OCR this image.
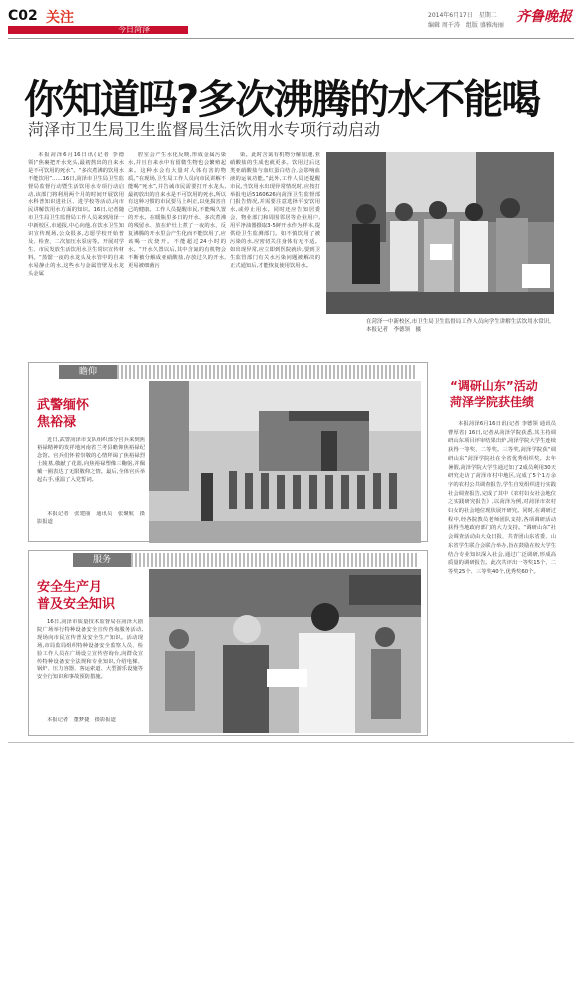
C02 关注
今日菏泽
2014年6月17日　星期二
编辑 周千涛　组版 盛雅海丽
齐鲁晚报
你知道吗?多次沸腾的水不能喝
菏泽市卫生局卫生监督局生活饮用水专项行动启动

本报菏泽6月16日讯(记者 李德领)“焦裹把开水充头,最初熬出的自来水是不可饮用的死水”。“多次煮沸的饮用水不能饮用”……16日,菏泽市卫生局卫生监督局监督行动暨生活饮用水专项行动启动,该部门将利用两个月的时间开展饮用水科普知识进社区、进学校等活动,向市民讲解饮用水方面的知识。16日,记者随市卫生局卫生监督局工作人员来到菏泽一中新校区,市通报,中心向他,在饮水卫生知识宣传现场,公众很多,志愿学校开始普及、检查、二次加压水泵房等。开展对学生、市民发放生活饮用水卫生常识宣传材料。“蒸馏一夜的水龙头及水管中的自来水易静止的水,这些水与金属管壁及水龙头金属

腔室会产生水化反映,形成金属污染水,并且自来水中有留微生物也会繁殖起来。这种水会有大量对人体有害的物质。”在现场,卫生局工作人员向市民讲解不能喝“死水”,并告诫市民需要打开水龙头,最初放出的自来水是不可饮用的死水,所以有这种习惯的市民要马上纠正,以免损害自己的健康。工作人员提醒市民,不能喝久置的开水。在暖瓶里多日的开水、多次煮沸的残留水、放在炉灶上煮了一夜的水、反复沸腾的开水里会产生化而不能饮用了,应该喝一次烧开。不能超过24小时的水。“开水久置以后,其中含氮的有机物会不断被分解成亚硝酸盐,存放过久的开水,更易被细菌污

染。此时含氮有机物分解加速,亚硝酸盐的生成也就更多。饮用过后这类亚硝酸盐与血红蛋白结合,会影响血液的运氧功能。”此外,工作人员还提醒市民,当饮用水出现异常情况时,应按打举报电话5160626向菏泽卫生监督部门报告情况,并需要注意选择平安饮用水,或停止用水。同时还应告知居委会、物业部门和周围邻居等企业用户,用平净油器摄取3-5鲜开水作为样本,提供给卫生监测部门。如不慎饮用了被污染的水,应密切关注身体有无不适。如出现异常,应立即到医院就诊,要到卫生监管部门有关水污染问题被解决的正式通知后,才能恢复使用饮用水。

在菏泽一中新校区,市卫生局卫生监督局工作人员向学生讲解生活饮用水常识。　本报记者　李德领　摄
瞻仰
武警缅怀
焦裕禄

近日,武警菏泽市支队组织部分官兵来到焦裕禄精神的发祥地河南省兰考县瞻仰焦裕禄纪念馆。官兵们怀着崇敬的心情拜谒了焦裕禄烈士陵墓,敬献了花篮,向焦裕禄塑像三鞠躬,并佩戴一圈表达了无限敬仰之情。最后,全体官兵举起右手,重温了入党誓词。

本报记者　张建丽　通讯员　张聚航　摄影报道

服务
安全生产月
普及安全知识

16日,菏泽市质量技术监督局在菏泽大剧院广场举行特种设备安全宣传咨询服务活动,现场向市民宣传普及安全生产知识。活动现场,市局监局组织特种设备安全监察人员、检验工作人员在广场设立宣传咨询台,向群众宣传特种设备安全法规和专业知识,介绍电梯、锅炉、压力容器、客运索道、大型游乐设施等安全行知识和事故预防措施。

本报记者　董梦捷　摄影报道

“调研山东”活动
菏泽学院获佳绩

本报菏泽6月16日讯(记者 李德领 通讯员 曹厚省) 16日,记者从菏泽学院获悉,其主持调研山东项目评审结果出炉,菏泽学院大学生连续获得一等奖、二等奖。三等奖,菏泽学院获“调研山东”菏泽学院社在全省优秀组织奖。去年暑假,菏泽学院大学生通过知了2成员利用30天研究走访了菏泽市村中地区,完成了5个1万余字的农村公共调查报告,学生自发组织进行实践社会调查报告,完成了其中《农村妇女社会地位之实践研究报告》,以菏泽为例,对菏泽市农村妇女的社会地位现状展开研究。同时,在调研过程中,经各院教员老师团队支持,各项调研活动获得当地政府部门的大力支持。“调研山东”社会调查活动由大众日报、共青团山东省委、山东省学生联合会联合举办,旨在鼓励在校大学生结合专业知识深入社会,通过广泛调研,形成高质量的调研报告。此次共评出一等奖15个、二等奖25个、三等奖40个,优秀奖60个。
